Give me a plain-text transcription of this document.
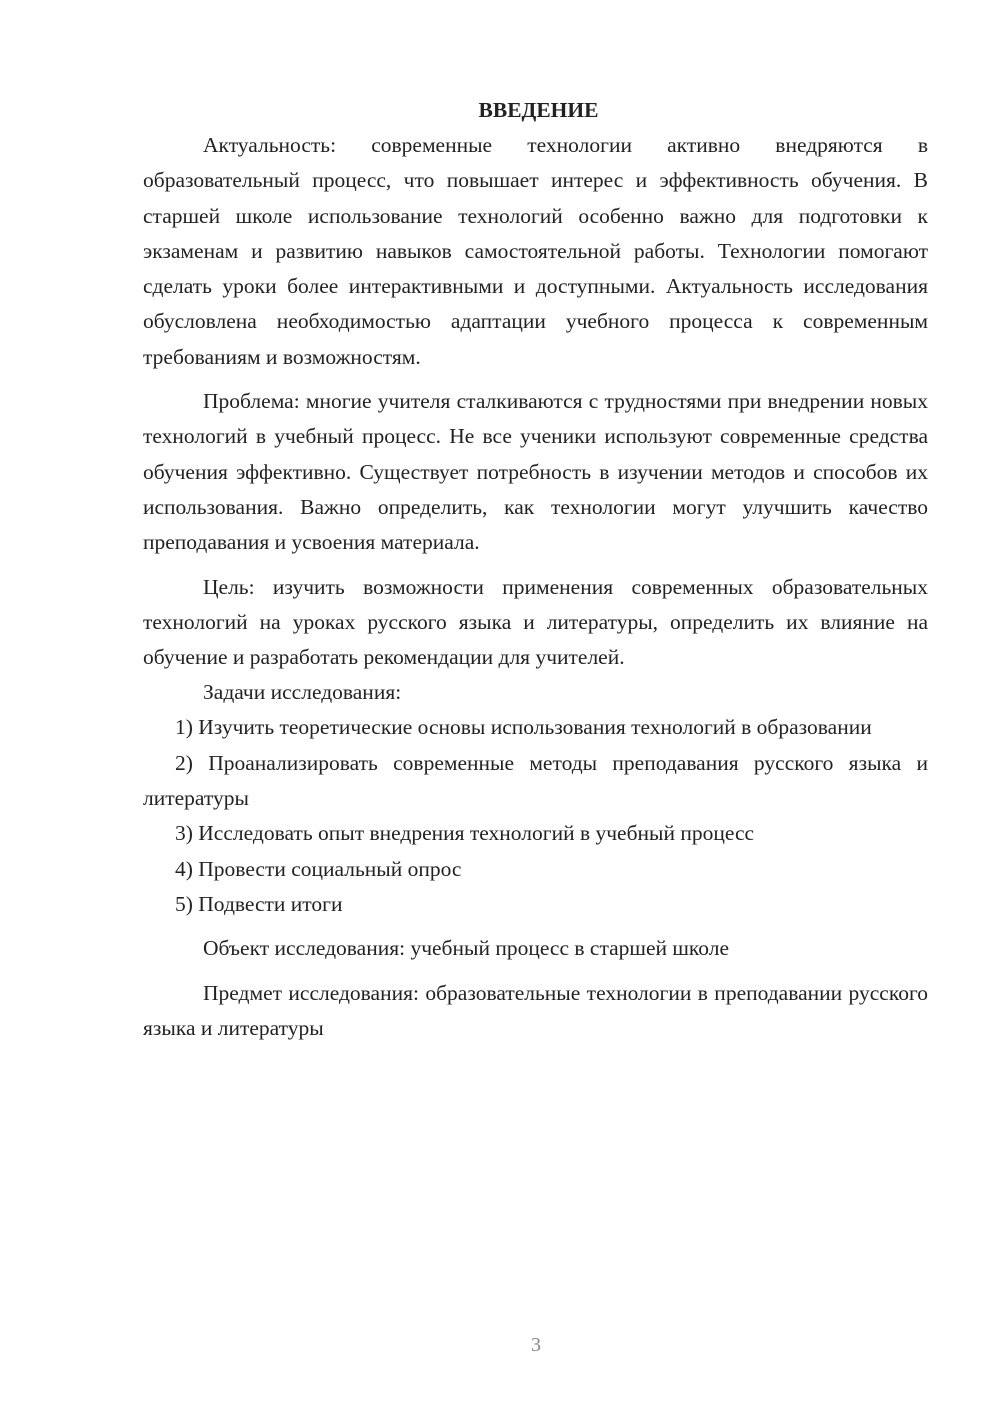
ВВЕДЕНИЕ

Актуальность: современные технологии активно внедряются в образовательный процесс, что повышает интерес и эффективность обучения. В старшей школе использование технологий особенно важно для подготовки к экзаменам и развитию навыков самостоятельной работы. Технологии помогают сделать уроки более интерактивными и доступными. Актуальность исследования обусловлена необходимостью адаптации учебного процесса к современным требованиям и возможностям.

Проблема: многие учителя сталкиваются с трудностями при внедрении новых технологий в учебный процесс. Не все ученики используют современные средства обучения эффективно. Существует потребность в изучении методов и способов их использования. Важно определить, как технологии могут улучшить качество преподавания и усвоения материала.

Цель: изучить возможности применения современных образовательных технологий на уроках русского языка и литературы, определить их влияние на обучение и разработать рекомендации для учителей.

Задачи исследования:

1) Изучить теоретические основы использования технологий в образовании

2) Проанализировать современные методы преподавания русского языка и литературы

3) Исследовать опыт внедрения технологий в учебный процесс

4) Провести социальный опрос

5) Подвести итоги

Объект исследования: учебный процесс в старшей школе

Предмет исследования: образовательные технологии в преподавании русского языка и литературы

3
